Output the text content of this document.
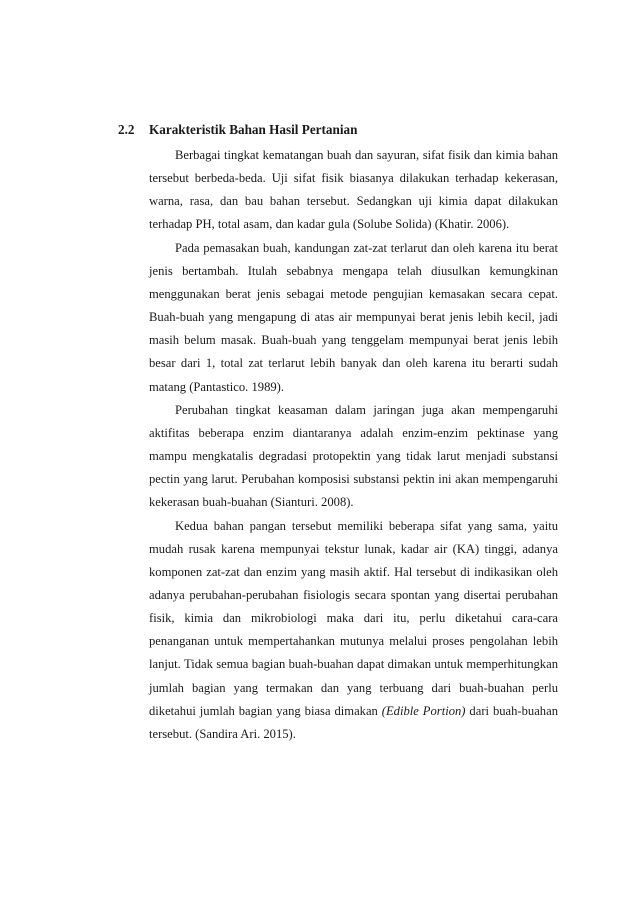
2.2 Karakteristik Bahan Hasil Pertanian

Berbagai tingkat kematangan buah dan sayuran, sifat fisik dan kimia bahan tersebut berbeda-beda. Uji sifat fisik biasanya dilakukan terhadap kekerasan, warna, rasa, dan bau bahan tersebut. Sedangkan uji kimia dapat dilakukan terhadap PH, total asam, dan kadar gula (Solube Solida) (Khatir. 2006).

Pada pemasakan buah, kandungan zat-zat terlarut dan oleh karena itu berat jenis bertambah. Itulah sebabnya mengapa telah diusulkan kemungkinan menggunakan berat jenis sebagai metode pengujian kemasakan secara cepat. Buah-buah yang mengapung di atas air mempunyai berat jenis lebih kecil, jadi masih belum masak. Buah-buah yang tenggelam mempunyai berat jenis lebih besar dari 1, total zat terlarut lebih banyak dan oleh karena itu berarti sudah matang (Pantastico. 1989).

Perubahan tingkat keasaman dalam jaringan juga akan mempengaruhi aktifitas beberapa enzim diantaranya adalah enzim-enzim pektinase yang mampu mengkatalis degradasi protopektin yang tidak larut menjadi substansi pectin yang larut. Perubahan komposisi substansi pektin ini akan mempengaruhi kekerasan buah-buahan (Sianturi. 2008).

Kedua bahan pangan tersebut memiliki beberapa sifat yang sama, yaitu mudah rusak karena mempunyai tekstur lunak, kadar air (KA) tinggi, adanya komponen zat-zat dan enzim yang masih aktif. Hal tersebut di indikasikan oleh adanya perubahan-perubahan fisiologis secara spontan yang disertai perubahan fisik, kimia dan mikrobiologi maka dari itu, perlu diketahui cara-cara penanganan untuk mempertahankan mutunya melalui proses pengolahan lebih lanjut. Tidak semua bagian buah-buahan dapat dimakan untuk memperhitungkan jumlah bagian yang termakan dan yang terbuang dari buah-buahan perlu diketahui jumlah bagian yang biasa dimakan (Edible Portion) dari buah-buahan tersebut. (Sandira Ari. 2015).
